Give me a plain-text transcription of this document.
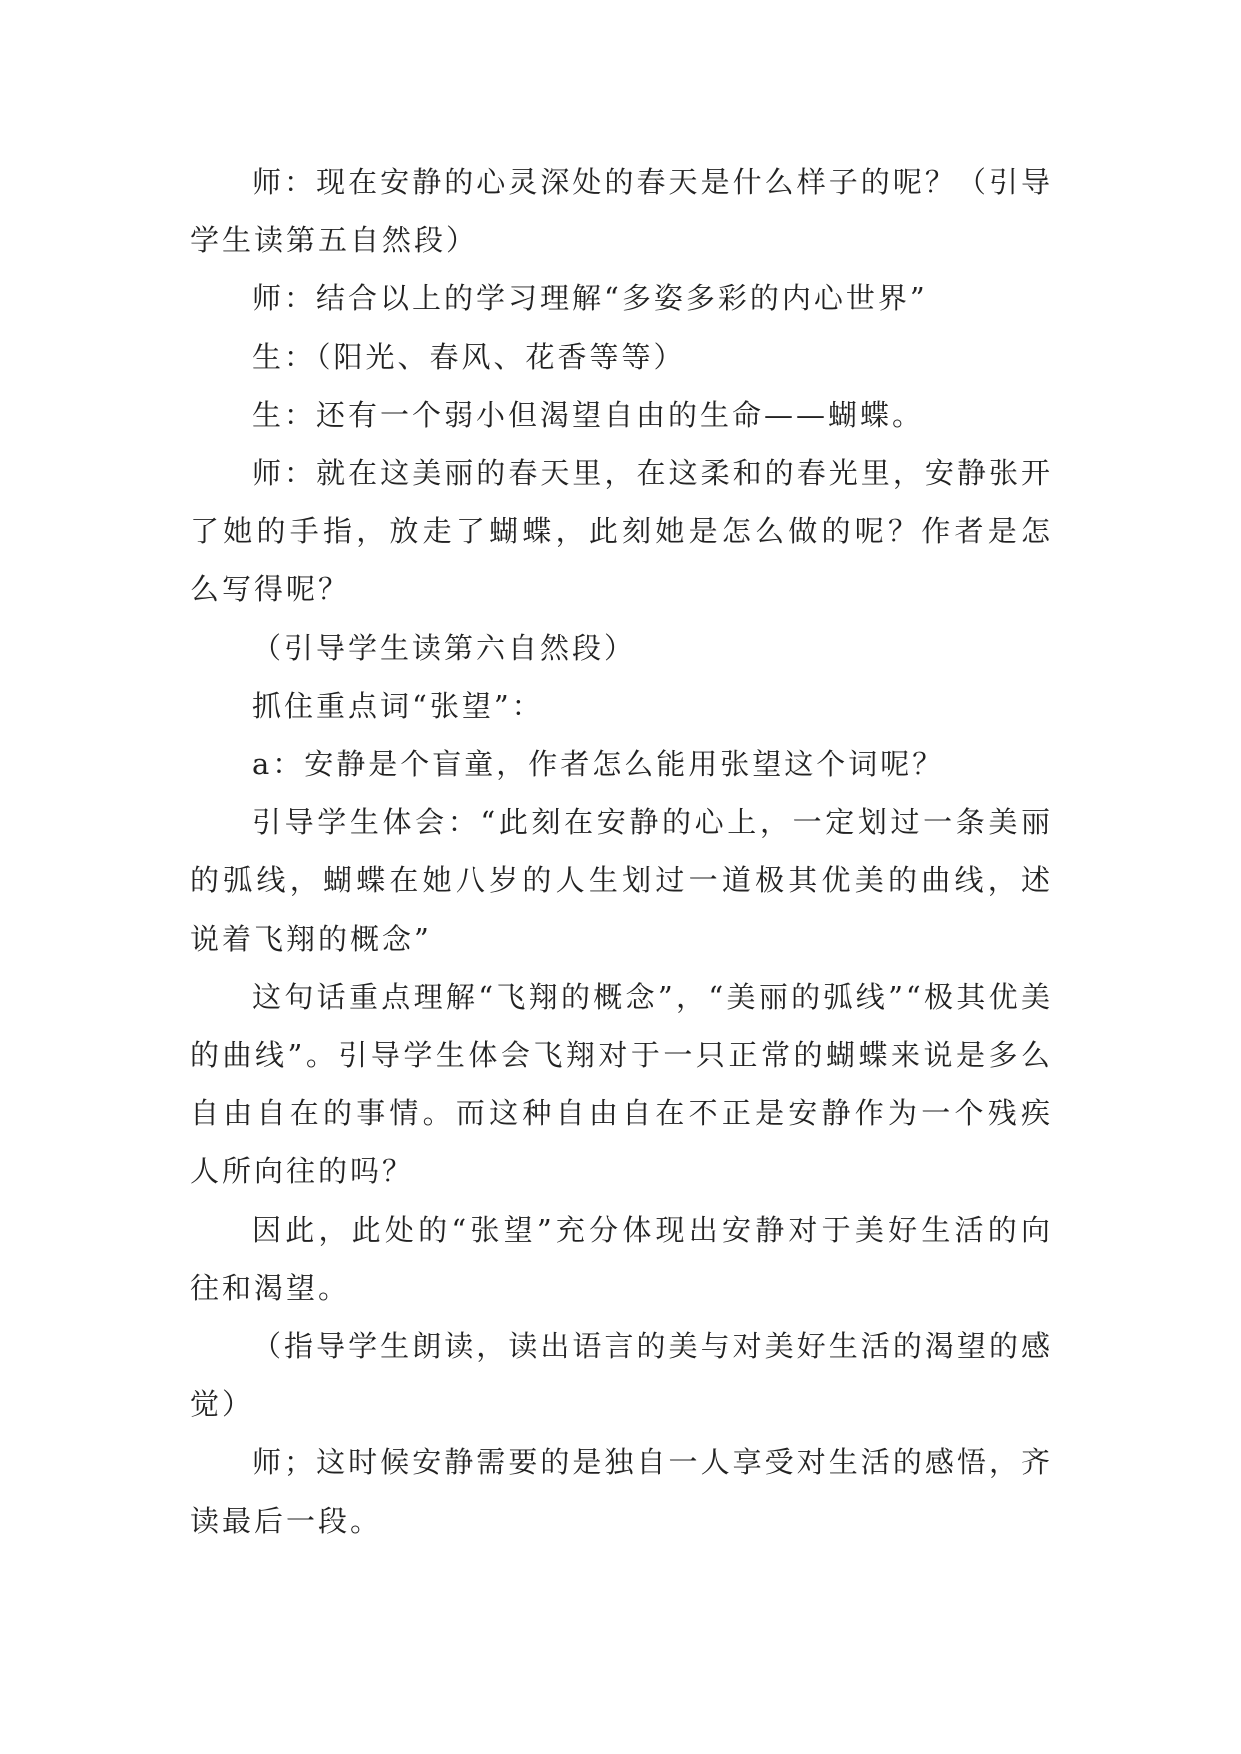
师：现在安静的心灵深处的春天是什么样子的呢？（引导学生读第五自然段）

师：结合以上的学习理解“多姿多彩的内心世界”

生：（阳光、春风、花香等等）

生：还有一个弱小但渴望自由的生命——蝴蝶。

师：就在这美丽的春天里，在这柔和的春光里，安静张开了她的手指，放走了蝴蝶，此刻她是怎么做的呢？作者是怎么写得呢？

（引导学生读第六自然段）

抓住重点词“张望”：

a：安静是个盲童，作者怎么能用张望这个词呢？

引导学生体会：“此刻在安静的心上，一定划过一条美丽的弧线，蝴蝶在她八岁的人生划过一道极其优美的曲线，述说着飞翔的概念”

这句话重点理解“飞翔的概念”，“美丽的弧线”“极其优美的曲线”。引导学生体会飞翔对于一只正常的蝴蝶来说是多么自由自在的事情。而这种自由自在不正是安静作为一个残疾人所向往的吗？

因此，此处的“张望”充分体现出安静对于美好生活的向往和渴望。

（指导学生朗读，读出语言的美与对美好生活的渴望的感觉）

师；这时候安静需要的是独自一人享受对生活的感悟，齐读最后一段。
